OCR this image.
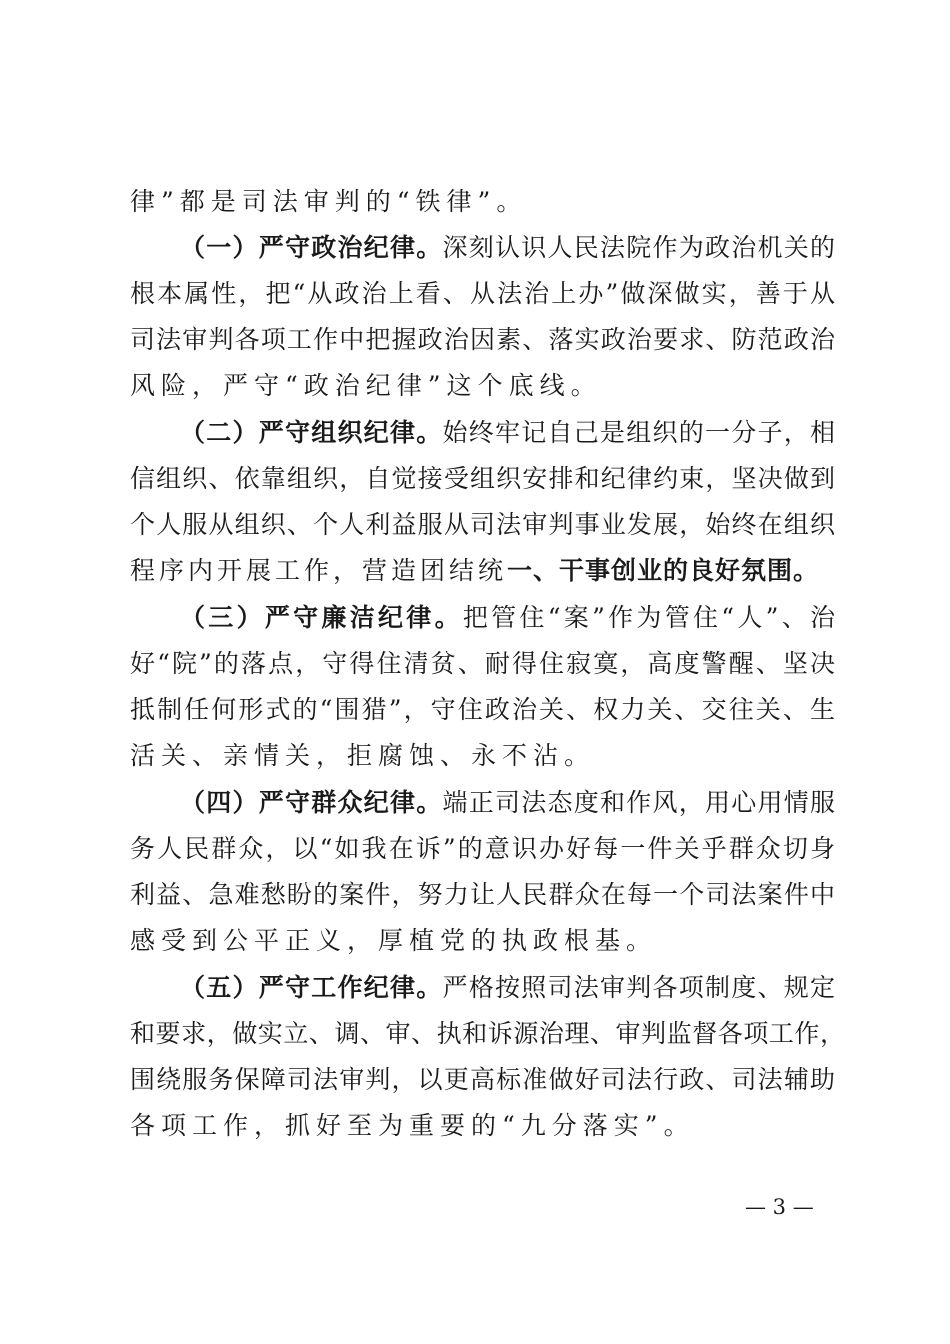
律”都是司法审判的“铁律”。
（一）严守政治纪律。深刻认识人民法院作为政治机关的
根本属性，把“从政治上看、从法治上办”做深做实，善于从
司法审判各项工作中把握政治因素、落实政治要求、防范政治
风险，严守“政治纪律”这个底线。
（二）严守组织纪律。始终牢记自己是组织的一分子，相
信组织、依靠组织，自觉接受组织安排和纪律约束，坚决做到
个人服从组织、个人利益服从司法审判事业发展，始终在组织
程序内开展工作，营造团结统一、干事创业的良好氛围。
（三）严守廉洁纪律。把管住“案”作为管住“人”、治
好“院”的落点，守得住清贫、耐得住寂寞，高度警醒、坚决
抵制任何形式的“围猎”，守住政治关、权力关、交往关、生
活关、亲情关，拒腐蚀、永不沾。
（四）严守群众纪律。端正司法态度和作风，用心用情服
务人民群众，以“如我在诉”的意识办好每一件关乎群众切身
利益、急难愁盼的案件，努力让人民群众在每一个司法案件中
感受到公平正义，厚植党的执政根基。
（五）严守工作纪律。严格按照司法审判各项制度、规定
和要求，做实立、调、审、执和诉源治理、审判监督各项工作，
围绕服务保障司法审判，以更高标准做好司法行政、司法辅助
各项工作，抓好至为重要的“九分落实”。
— 3 —
